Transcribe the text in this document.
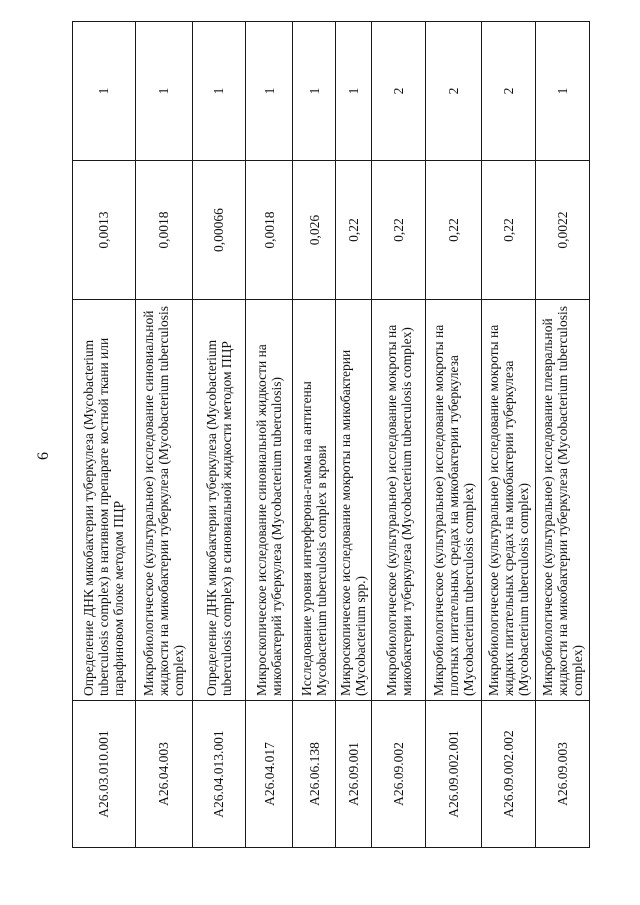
6
A26.03.010.001	Определение ДНК микобактерии туберкулеза (Mycobacterium tuberculosis complex) в нативном препарате костной ткани или парафиновом блоке методом ПЦР	0,0013	1
A26.04.003	Микробиологическое (культуральное) исследование синовиальной жидкости на микобактерии туберкулеза (Mycobacterium tuberculosis complex)	0,0018	1
A26.04.013.001	Определение ДНК микобактерии туберкулеза (Mycobacterium tuberculosis complex) в синовиальной жидкости методом ПЦР	0,00066	1
A26.04.017	Микроскопическое исследование синовиальной жидкости на микобактерий туберкулеза (Mycobacterium tuberculosis)	0,0018	1
A26.06.138	Исследование уровня интерферона-гамма на антигены Mycobacterium tuberculosis complex в крови	0,026	1
A26.09.001	Микроскопическое исследование мокроты на микобактерии (Mycobacterium spp.)	0,22	1
A26.09.002	Микробиологическое (культуральное) исследование мокроты на микобактерии туберкулеза (Mycobacterium tuberculosis complex)	0,22	2
A26.09.002.001	Микробиологическое (культуральное) исследование мокроты на плотных питательных средах на микобактерии туберкулеза (Mycobacterium tuberculosis complex)	0,22	2
A26.09.002.002	Микробиологическое (культуральное) исследование мокроты на жидких питательных средах на микобактерии туберкулеза (Mycobacterium tuberculosis complex)	0,22	2
A26.09.003	Микробиологическое (культуральное) исследование плевральной жидкости на микобактерии туберкулеза (Mycobacterium tuberculosis complex)	0,0022	1
